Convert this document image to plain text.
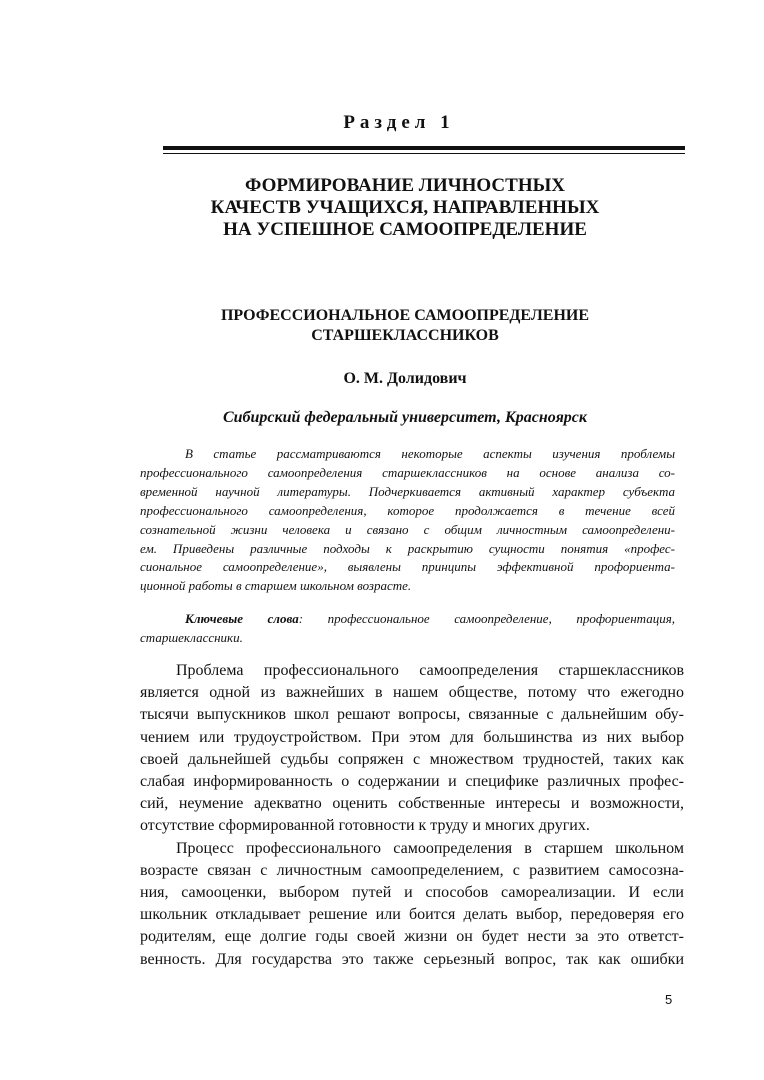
Раздел 1
ФОРМИРОВАНИЕ ЛИЧНОСТНЫХ
КАЧЕСТВ УЧАЩИХСЯ, НАПРАВЛЕННЫХ
НА УСПЕШНОЕ САМООПРЕДЕЛЕНИЕ
ПРОФЕССИОНАЛЬНОЕ САМООПРЕДЕЛЕНИЕ
СТАРШЕКЛАССНИКОВ
О. М. Долидович
Сибирский федеральный университет, Красноярск
В статье рассматриваются некоторые аспекты изучения проблемы
профессионального самоопределения старшеклассников на основе анализа со-
временной научной литературы. Подчеркивается активный характер субъекта
профессионального самоопределения, которое продолжается в течение всей
сознательной жизни человека и связано с общим личностным самоопределени-
ем. Приведены различные подходы к раскрытию сущности понятия «профес-
сиональное самоопределение», выявлены принципы эффективной профориента-
ционной работы в старшем школьном возрасте.
Ключевые слова: профессиональное самоопределение, профориентация,
старшеклассники.
Проблема профессионального самоопределения старшеклассников
является одной из важнейших в нашем обществе, потому что ежегодно
тысячи выпускников школ решают вопросы, связанные с дальнейшим обу-
чением или трудоустройством. При этом для большинства из них выбор
своей дальнейшей судьбы сопряжен с множеством трудностей, таких как
слабая информированность о содержании и специфике различных профес-
сий, неумение адекватно оценить собственные интересы и возможности,
отсутствие сформированной готовности к труду и многих других.
Процесс профессионального самоопределения в старшем школьном
возрасте связан с личностным самоопределением, с развитием самосозна-
ния, самооценки, выбором путей и способов самореализации. И если
школьник откладывает решение или боится делать выбор, передоверяя его
родителям, еще долгие годы своей жизни он будет нести за это ответст-
венность. Для государства это также серьезный вопрос, так как ошибки
5
